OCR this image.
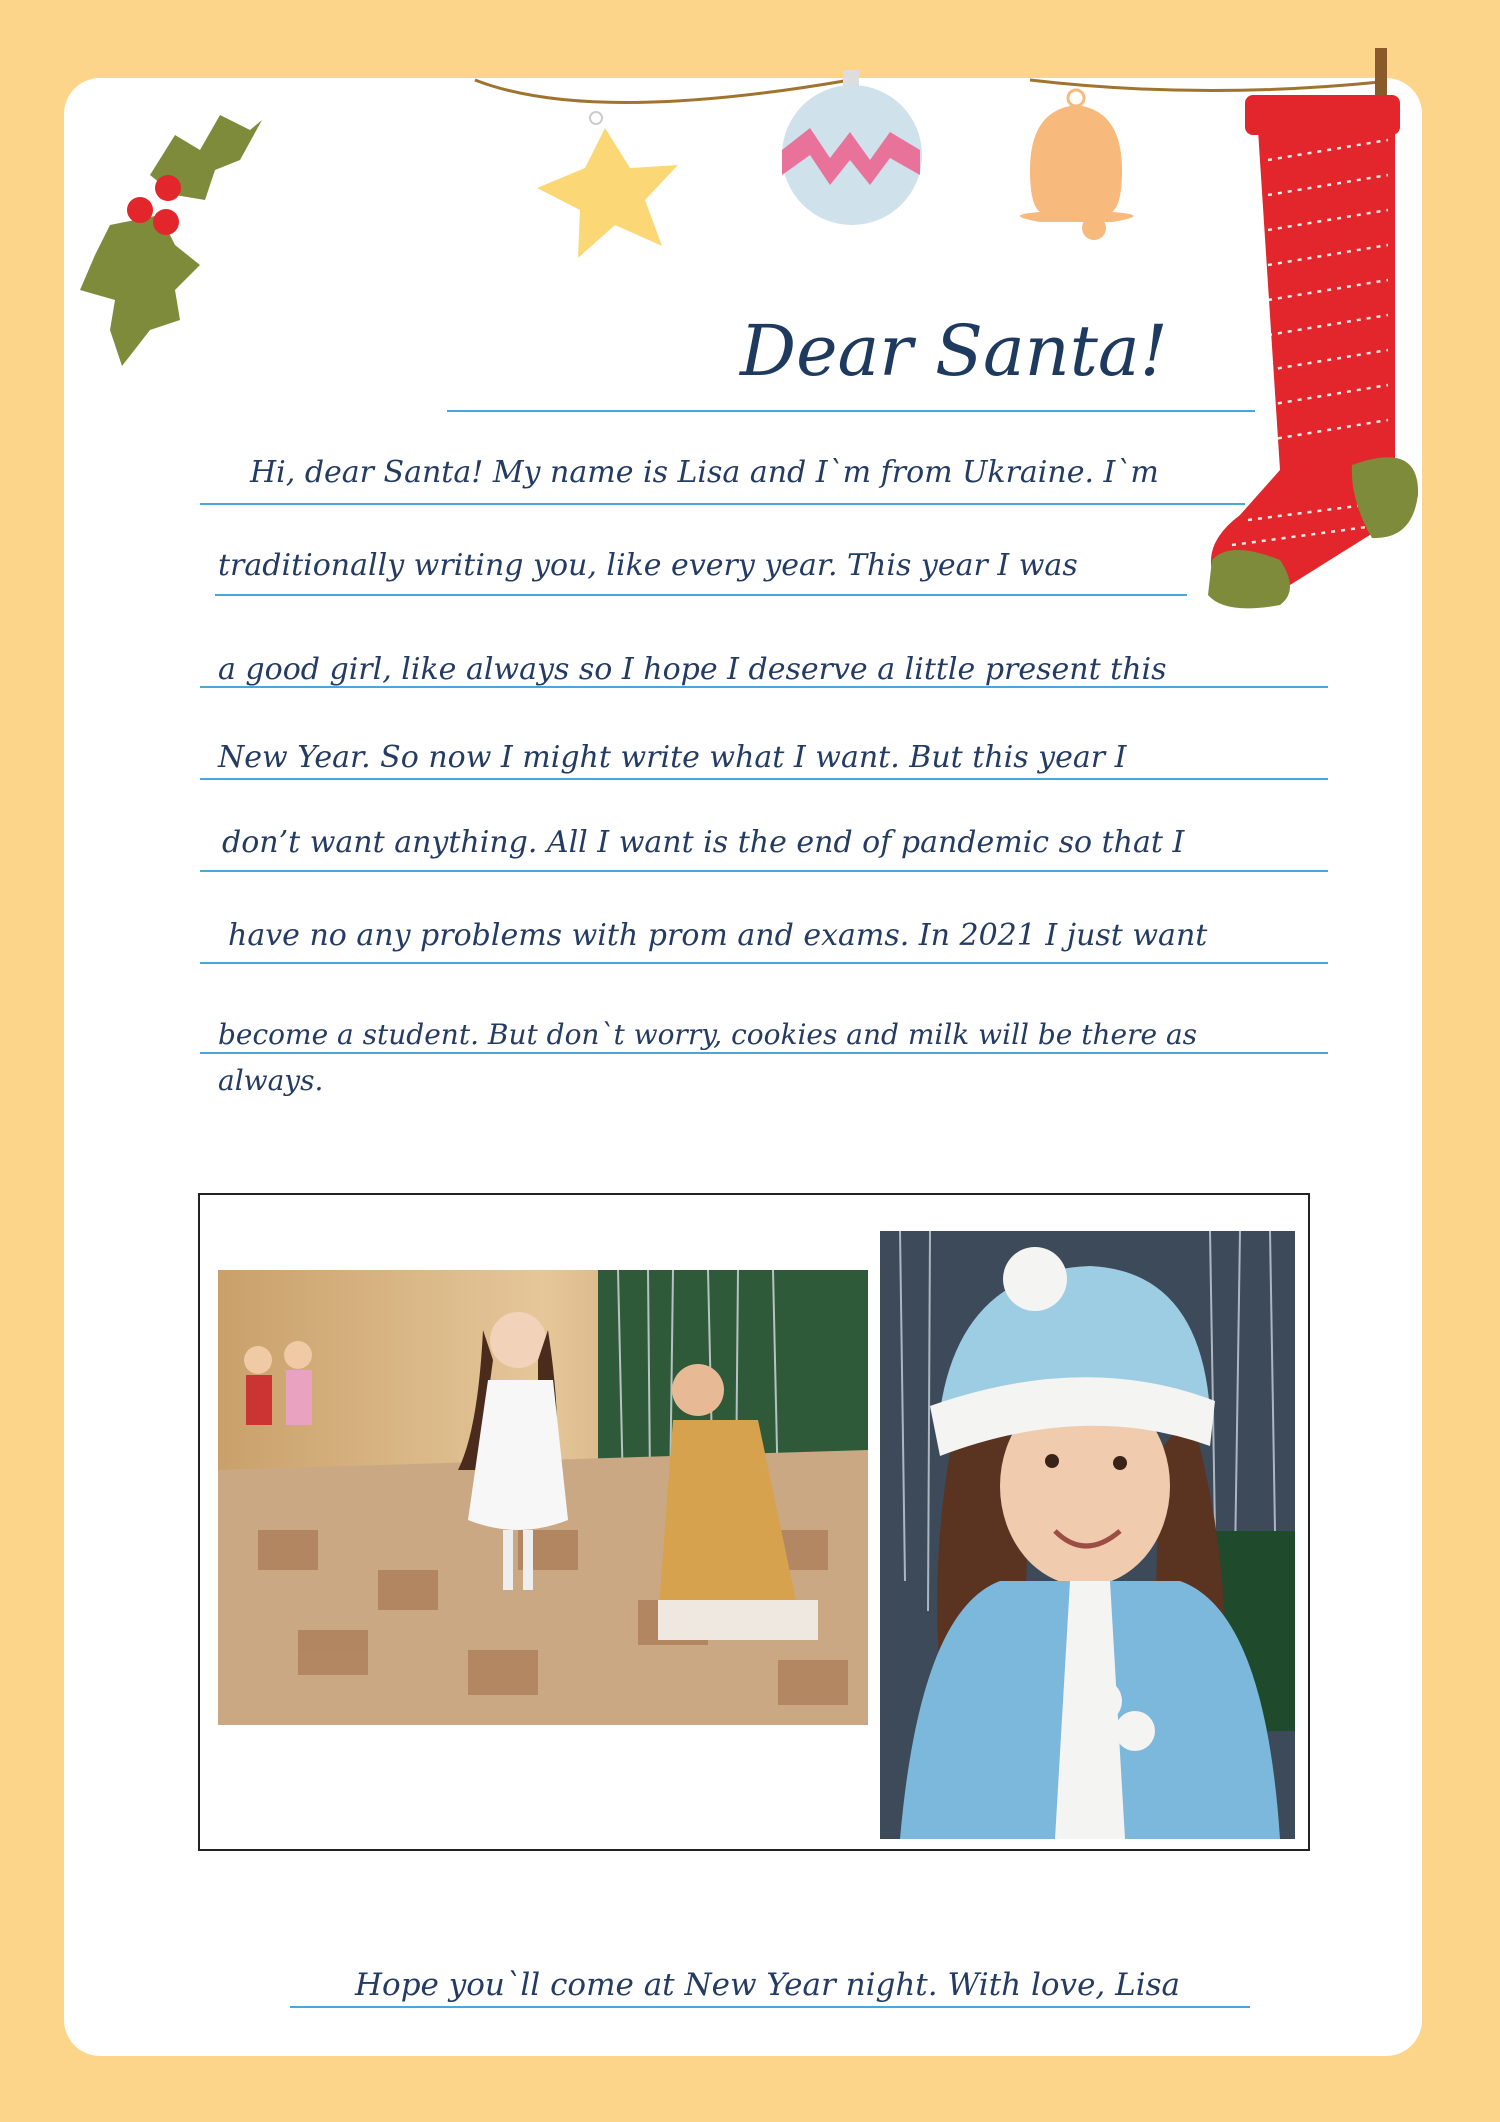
Dear Santa!
Hi, dear Santa! My name is Lisa and I`m from Ukraine. I`m
traditionally writing you, like every year. This year I was
a good girl, like always so I hope I deserve a little present this
New Year. So now I might write what I want. But this year I
don’t want anything. All I want is the end of pandemic so that I
have no any problems with prom and exams. In 2021 I just want
become a student. But don`t worry, cookies and milk will be there as
always.
Hope you`ll come at New Year night. With love, Lisa
